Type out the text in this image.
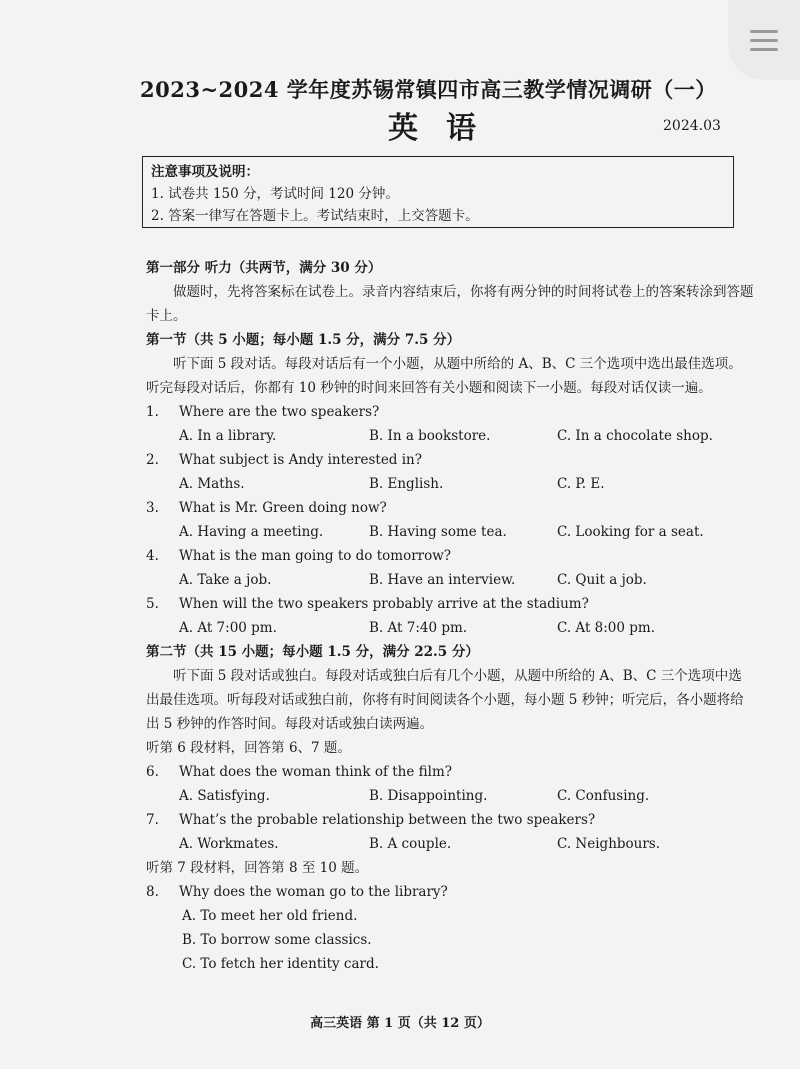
2023~2024 学年度苏锡常镇四市高三教学情况调研（一）
英语	2024.03
注意事项及说明：
1. 试卷共 150 分，考试时间 120 分钟。
2. 答案一律写在答题卡上。考试结束时，上交答题卡。

第一部分 听力（共两节，满分 30 分）

做题时，先将答案标在试卷上。录音内容结束后，你将有两分钟的时间将试卷上的答案转涂到答题卡上。

第一节（共 5 小题；每小题 1.5 分，满分 7.5 分）

听下面 5 段对话。每段对话后有一个小题，从题中所给的 A、B、C 三个选项中选出最佳选项。听完每段对话后，你都有 10 秒钟的时间来回答有关小题和阅读下一小题。每段对话仅读一遍。

1.	Where are the two speakers?
A. In a library.	B. In a bookstore.	C. In a chocolate shop.
2.	What subject is Andy interested in?
A. Maths.	B. English.	C. P. E.
3.	What is Mr. Green doing now?
A. Having a meeting.	B. Having some tea.	C. Looking for a seat.
4.	What is the man going to do tomorrow?
A. Take a job.	B. Have an interview.	C. Quit a job.
5.	When will the two speakers probably arrive at the stadium?
A. At 7:00 pm.	B. At 7:40 pm.	C. At 8:00 pm.

第二节（共 15 小题；每小题 1.5 分，满分 22.5 分）

听下面 5 段对话或独白。每段对话或独白后有几个小题，从题中所给的 A、B、C 三个选项中选出最佳选项。听每段对话或独白前，你将有时间阅读各个小题，每小题 5 秒钟；听完后，各小题将给出 5 秒钟的作答时间。每段对话或独白读两遍。

听第 6 段材料，回答第 6、7 题。

6.	What does the woman think of the film?
A. Satisfying.	B. Disappointing.	C. Confusing.
7.	What’s the probable relationship between the two speakers?
A. Workmates.	B. A couple.	C. Neighbours.

听第 7 段材料，回答第 8 至 10 题。

8.	Why does the woman go to the library?
A. To meet her old friend.
B. To borrow some classics.
C. To fetch her identity card.
高三英语 第 1 页（共 12 页）
